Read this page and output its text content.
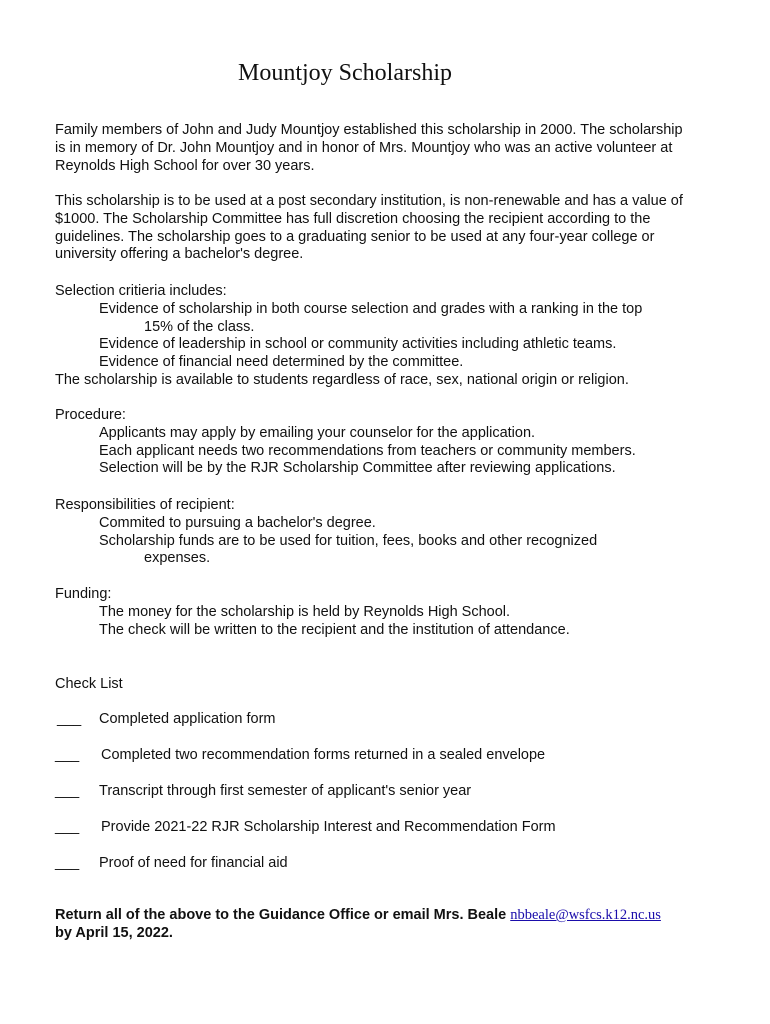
Mountjoy Scholarship

Family members of John and Judy Mountjoy established this scholarship in 2000. The scholarship

is in memory of Dr. John Mountjoy and in honor of Mrs. Mountjoy who was an active volunteer at

Reynolds High School for over 30 years.

This scholarship is to be used at a post secondary institution, is non-renewable and has a value of

$1000. The Scholarship Committee has full discretion choosing the recipient according to the

guidelines. The scholarship goes to a graduating senior to be used at any four-year college or

university offering a bachelor's degree.

Selection critieria includes:

Evidence of scholarship in both course selection and grades with a ranking in the top

15% of the class.

Evidence of leadership in school or community activities including athletic teams.

Evidence of financial need determined by the committee.

The scholarship is available to students regardless of race, sex, national origin or religion.

Procedure:

Applicants may apply by emailing your counselor for the application.

Each applicant needs two recommendations from teachers or community members.

Selection will be by the RJR Scholarship Committee after reviewing applications.

Responsibilities of recipient:

Commited to pursuing a bachelor's degree.

Scholarship funds are to be used for tuition, fees, books and other recognized

expenses.

Funding:

The money for the scholarship is held by Reynolds High School.

The check will be written to the recipient and the institution of attendance.

Check List
___ Completed application form
___ Completed two recommendation forms returned in a sealed envelope
___ Transcript through first semester of applicant's senior year
___ Provide 2021-22 RJR Scholarship Interest and Recommendation Form
___ Proof of need for financial aid
Return all of the above to the Guidance Office or email Mrs. Beale nbbeale@wsfcs.k12.nc.us
by April 15, 2022.
